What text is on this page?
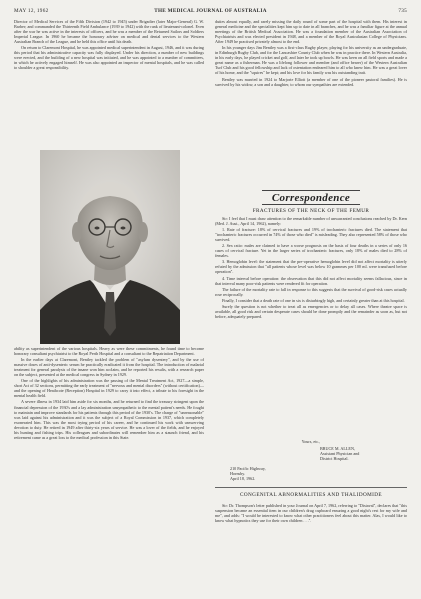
MAY 12, 1962	THE MEDICAL JOURNAL OF AUSTRALIA	735

Director of Medical Services of the Fifth Division (1942 to 1945) under Brigadier (later Major-General) G. W. Barber; and commanded the Thirteenth Field Ambulance (1939 to 1942) with the rank of lieutenant-colonel. Even after the war he was active in the interests of officers, and he was a member of the Returned Sailors and Soldiers Imperial League. In 1960 he became the honorary adviser on medical and dental services to the Western Australian Branch of the League, and he held this office until his death.

On return to Claremont Hospital, he was appointed medical superintendent in August, 1946, and it was during this period that his administrative capacity was fully displayed. Under his direction, a number of new buildings were erected, and the building of a new hospital was initiated, and he was appointed to a number of committees, in which he actively engaged himself. He was also appointed an inspector of mental hospitals, and he was called to shoulder a great responsibility.

ability as superintendent of the various hospitals. Heavy as were these commitments, he found time to become honorary consultant psychiatrist to the Royal Perth Hospital and a consultant to the Repatriation Department.

In the earlier days at Claremont, Bentley tackled the problem of "asylum dysentery", and by the use of massive doses of anti-dysenteric serum he practically eradicated it from the hospital. The introduction of malarial treatment for general paralysis of the insane won him acclaim, and he reported his results, with a research paper on the subject, presented at the medical congress in Sydney in 1929.

One of the highlights of his administration was the passing of the Mental Treatment Act, 1927—a simple, short Act of 32 sections, permitting the early treatment of "nervous and mental disorders" (without certification)—and the opening of Heathcote (Reception) Hospital in 1929 to carry it into effect, a tribute to his foresight in the mental health field.

A severe illness in 1934 laid him aside for six months, and he returned to find the treasury stringent upon the financial depression of the 1930's and a lay administration unsympathetic to the mental patient's needs. He fought to maintain and improve standards for his patients through this period of the 1930's. The charge of "unreasonable" was laid against his administration and it was the subject of a Royal Commission in 1937, which completely exonerated him. This was the most trying period of his career, and he continued his work with unswerving devotion to duty. He retired in 1949 after thirty-six years of service. He was a lover of the fields, and he enjoyed his hunting and fishing trips. His colleagues and subordinates will remember him as a staunch friend, and his retirement came as a great loss to the medical profession in this State.

duties almost equally, and rarely missing the daily round of some part of the hospital with them. His interest in general medicine and the specialities kept him up to date in all branches, and he was a familiar figure at the annual meetings of the British Medical Association. He was a foundation member of the Australian Association of Psychiatrists and was elected president in 1948, and a member of the Royal Australasian College of Physicians. After 1949 he practised privately almost to the end.

In his younger days Jim Bentley was a first-class Rugby player, playing for his university as an undergraduate, in Edinburgh Rugby Club, and for the Lancashire County Club when he was in practice there. In Western Australia, in his early days, he played cricket and golf, and later he took up bowls. He was keen on all field sports and made a great name as a fisherman. He was a lifelong follower and member (and office bearer) of the Western Australian Turf Club and his good fellowship and lack of ostentation endeared him to all who knew him. He was a great lover of his home, and the "squires" he kept; and his love for his family was his outstanding trait.

Bentley was married in 1924 to Marjorie Elliott (a member of one of the pioneer pastoral families). He is survived by his widow, a son and a daughter, to whom our sympathies are extended.

Correspondence
FRACTURES OF THE NECK OF THE FEMUR

Sir: I feel that I must draw attention to the remarkable number of unwarranted conclusions reached by Dr. Kern (Med. J. Aust., April 14, 1962), namely:

1. Rate of fracture: 18% of cervical fractures and 19% of trochanteric fractures died. The statement that "trochanteric fractures occurred in 74% of those who died" is misleading. They also represented 58% of those who survived.

2. Sex ratio: males are claimed to have a worse prognosis on the basis of four deaths in a series of only 16 cases of cervical fracture. Yet in the larger series of trochanteric fractures, only 18% of males died to 28% of females.

3. Hemoglobin level: the statement that the pre-operative hemoglobin level did not affect mortality is utterly refuted by the admission that "all patients whose level was below 10 grammes per 100 ml. were transfused before operation".

4. Time interval before operation: the observation that this did not affect mortality seems fallacious, since in that interval many poor-risk patients were rendered fit for operation.

The failure of the mortality rate to fall in response to this suggests that the survival of good-risk cases actually rose reciprocally.

Finally, I consider that a death rate of one in six is disturbingly high, and certainly greater than at this hospital.

Surely the question is not whether to treat all as emergencies or to delay all cases. Where theatre space is available, all good risk and certain desperate cases should be done promptly and the remainder as soon as, but not before, adequately prepared.

Yours, etc.,
BRUCE M. ALLEN,
Assistant Physician and
District Hospital.
210 Pacific Highway,
Hornsby.
April 18, 1962.
CONGENITAL ABNORMALITIES AND THALIDOMIDE

Sir: Dr. Thompson's letter published in your Journal on April 7, 1962, referring to "Distaval", declares that "this suspension became an essential item in our children's drug cupboard ensuring a good night's rest for my wife and me", and adds: "I would be interested to know what other practitioners feel about this matter. Alas, I would like to know what hypnotics they use for their own children . . .".
